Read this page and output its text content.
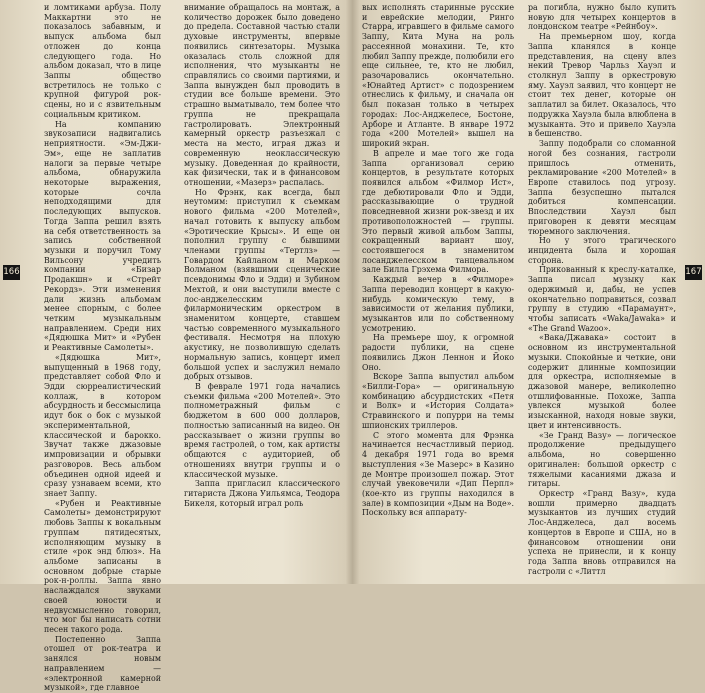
и ломтиками арбуза. Полу Маккартни это не показалось забавным, и выпуск альбома был отложен до конца следующего года. Но альбом доказал, что в лице Заппы общество встретилось не только с крупной фигурой рок-сцены, но и с язвительным социальным критиком.

На компанию звукозаписи надвигались неприятности. «Эм-Джи-Эм», еще не заплатив налоги за первые четыре альбома, обнаружила некоторые выражения, которые сочла неподходящими для последующих выпусков. Тогда Заппа решил взять на себя ответственность за запись собственной музыки и поручил Тому Вильсону учредить компании «Бизар Продакшн» и «Стрейт Рекордз». Эти изменения дали жизнь альбомам менее спорным, с более четким музыкальным направлением. Среди них «Дядюшка Мит» и «Рубен и Реактивные Самолеты».

«Дядюшка Мит», выпущенный в 1968 году, представляет собой Фло и Эдди сюрреалистический коллаж, в котором абсурдность и бессмыслица идут бок о бок с музыкой экспериментальной, классической и барокко. Звучат также джазовые импровизации и обрывки разговоров. Весь альбом объединен одной идеей и сразу узнаваем всеми, кто знает Заппу.

«Рубен и Реактивные Самолеты» демонстрируют любовь Заппы к вокальным группам пятидесятых, исполняющим музыку в стиле «рок энд блюз». На альбоме записаны в основном добрые старые рок-н-роллы. Заппа явно наслаждался звуками своей юности и недвусмысленно говорил, что мог бы написать сотни песен такого рода.

Постепенно Заппа отошел от рок-театра и занялся новым направлением — «электронной камерной музыкой», где главное

внимание обращалось на монтаж, а количество дорожек было доведено до предела. Составной частью стали духовые инструменты, впервые появились синтезаторы. Музыка оказалась столь сложной для исполнения, что музыканты не справлялись со своими партиями, и Заппа вынужден был проводить в студии все больше времени. Это страшно выматывало, тем более что группа не прекращала гастролировать. Электронный камерный оркестр разъезжал с места на место, играя джаз и современную неоклассическую музыку. Доведенная до крайности, как физически, так и в финансовом отношении, «Мазерз» распалась.

Но Фрэнк, как всегда, был неутомим: приступил к съемкам нового фильма «200 Мотелей», начал готовить к выпуску альбом «Эротические Крысы». И еще он пополнил группу с бывшими членами группы «Тертлз» — Говардом Кайланом и Марком Волманом (взявшими сценические псевдонимы Фло и Эдди) и Зубином Мехтой, и они выступили вместе с лос-анджелесским филармоническим оркестром в знаменитом концерте, ставшем частью современного музыкального фестиваля. Несмотря на плохую акустику, не позволившую сделать нормальную запись, концерт имел большой успех и заслужил немало добрых отзывов.

В феврале 1971 года начались съемки фильма «200 Мотелей». Это полнометражный фильм с бюджетом в 600 000 долларов, полностью записанный на видео. Он рассказывает о жизни группы во время гастролей, о том, как артисты общаются с аудиторией, об отношениях внутри группы и о классической музыке.

Заппа пригласил классического гитариста Джона Уильямса, Теодора Бикеля, который играл роль

вых исполнять старинные русские и еврейские мелодии, Ринго Старра, игравшего в фильме самого Заппу, Кита Муна на роль рассеянной монахини. Те, кто любил Заппу прежде, полюбили его еще сильнее, те, кто не любил, разочаровались окончательно. «Юнайтед Артист» с подозрением отнеслись к фильму, и сначала он был показан только в четырех городах: Лос-Анджелесе, Бостоне, Арборе и Атланте. В январе 1972 года «200 Мотелей» вышел на широкий экран.

В апреле и мае того же года Заппа организовал серию концертов, в результате которых появился альбом «Филмор Ист», где дебютировали Фло и Эдди, рассказывающие о трудной повседневной жизни рок-звезд и их противоположностей — группы. Это первый живой альбом Заппы, сокращенный вариант шоу, состоявшегося в знаменитом лосанджелесском танцевальном зале Билла Грэхема Филмора.

Каждый вечер в «Филморе» Заппа переводил концерт в какую-нибудь комическую тему, в зависимости от желания публики, музыкантов или по собственному усмотрению.

На премьере шоу, к огромной радости публики, на сцене появились Джон Леннон и Йоко Оно.

Вскоре Заппа выпустил альбом «Билли-Гора» — оригинальную комбинацию абсурдистских «Петя и Волк» и «История Солдата» Стравинского и попурри на темы шпионских триллеров.

С этого момента для Фрэнка начинается несчастливый период. 4 декабря 1971 года во время выступления «Зе Мазерс» в Казино де Монтре произошел пожар. Этот случай увековечили «Дип Перпл» (кое-кто из группы находился в зале) в композиции «Дым на Воде». Поскольку вся аппарату-

ра погибла, нужно было купить новую для четырех концертов в лондонском театре «Рейнбоу».

На премьерном шоу, когда Заппа кланялся в конце представления, на сцену влез некий Тревор Чарльз Хауэл и столкнул Заппу в оркестровую яму. Хауэл заявил, что концерт не стоит тех денег, которые он заплатил за билет. Оказалось, что подружка Хауэла была влюблена в музыканта. Это и привело Хауэла в бешенство.

Заппу подобрали со сломанной ногой без сознания, гастроли пришлось отменить, рекламирование «200 Мотелей» в Европе ставилось под угрозу. Заппа безуспешно пытался добиться компенсации. Впоследствии Хауэл был приговорен к девяти месяцам тюремного заключения.

Но у этого трагического инцидента была и хорошая сторона.

Прикованный к креслу-каталке, Заппа писал музыку как одержимый и, дабы, не успев окончательно поправиться, созвал группу в студию «Парамаунт», чтобы записать «Waka/Jawaka» и «The Grand Wazoo».

«Вака/Джавака» состоит в основном из инструментальной музыки. Спокойные и четкие, они содержит длинные композиции для оркестра, исполняемые в джазовой манере, великолепно отшлифованные. Похоже, Заппа увлекся музыкой более изысканной, находя новые звуки, цвет и интенсивность.

«Зе Гранд Вазу» — логическое продолжение предыдущего альбома, но совершенно оригинален: большой оркестр с тяжелыми касаниями джаза и гитары.

Оркестр «Гранд Вазу», куда вошли примерно двадцать музыкантов из лучших студий Лос-Анджелеса, дал восемь концертов в Европе и США, но в финансовом отношении они успеха не принесли, и к концу года Заппа вновь отправился на гастроли с «Литтл

166	167
